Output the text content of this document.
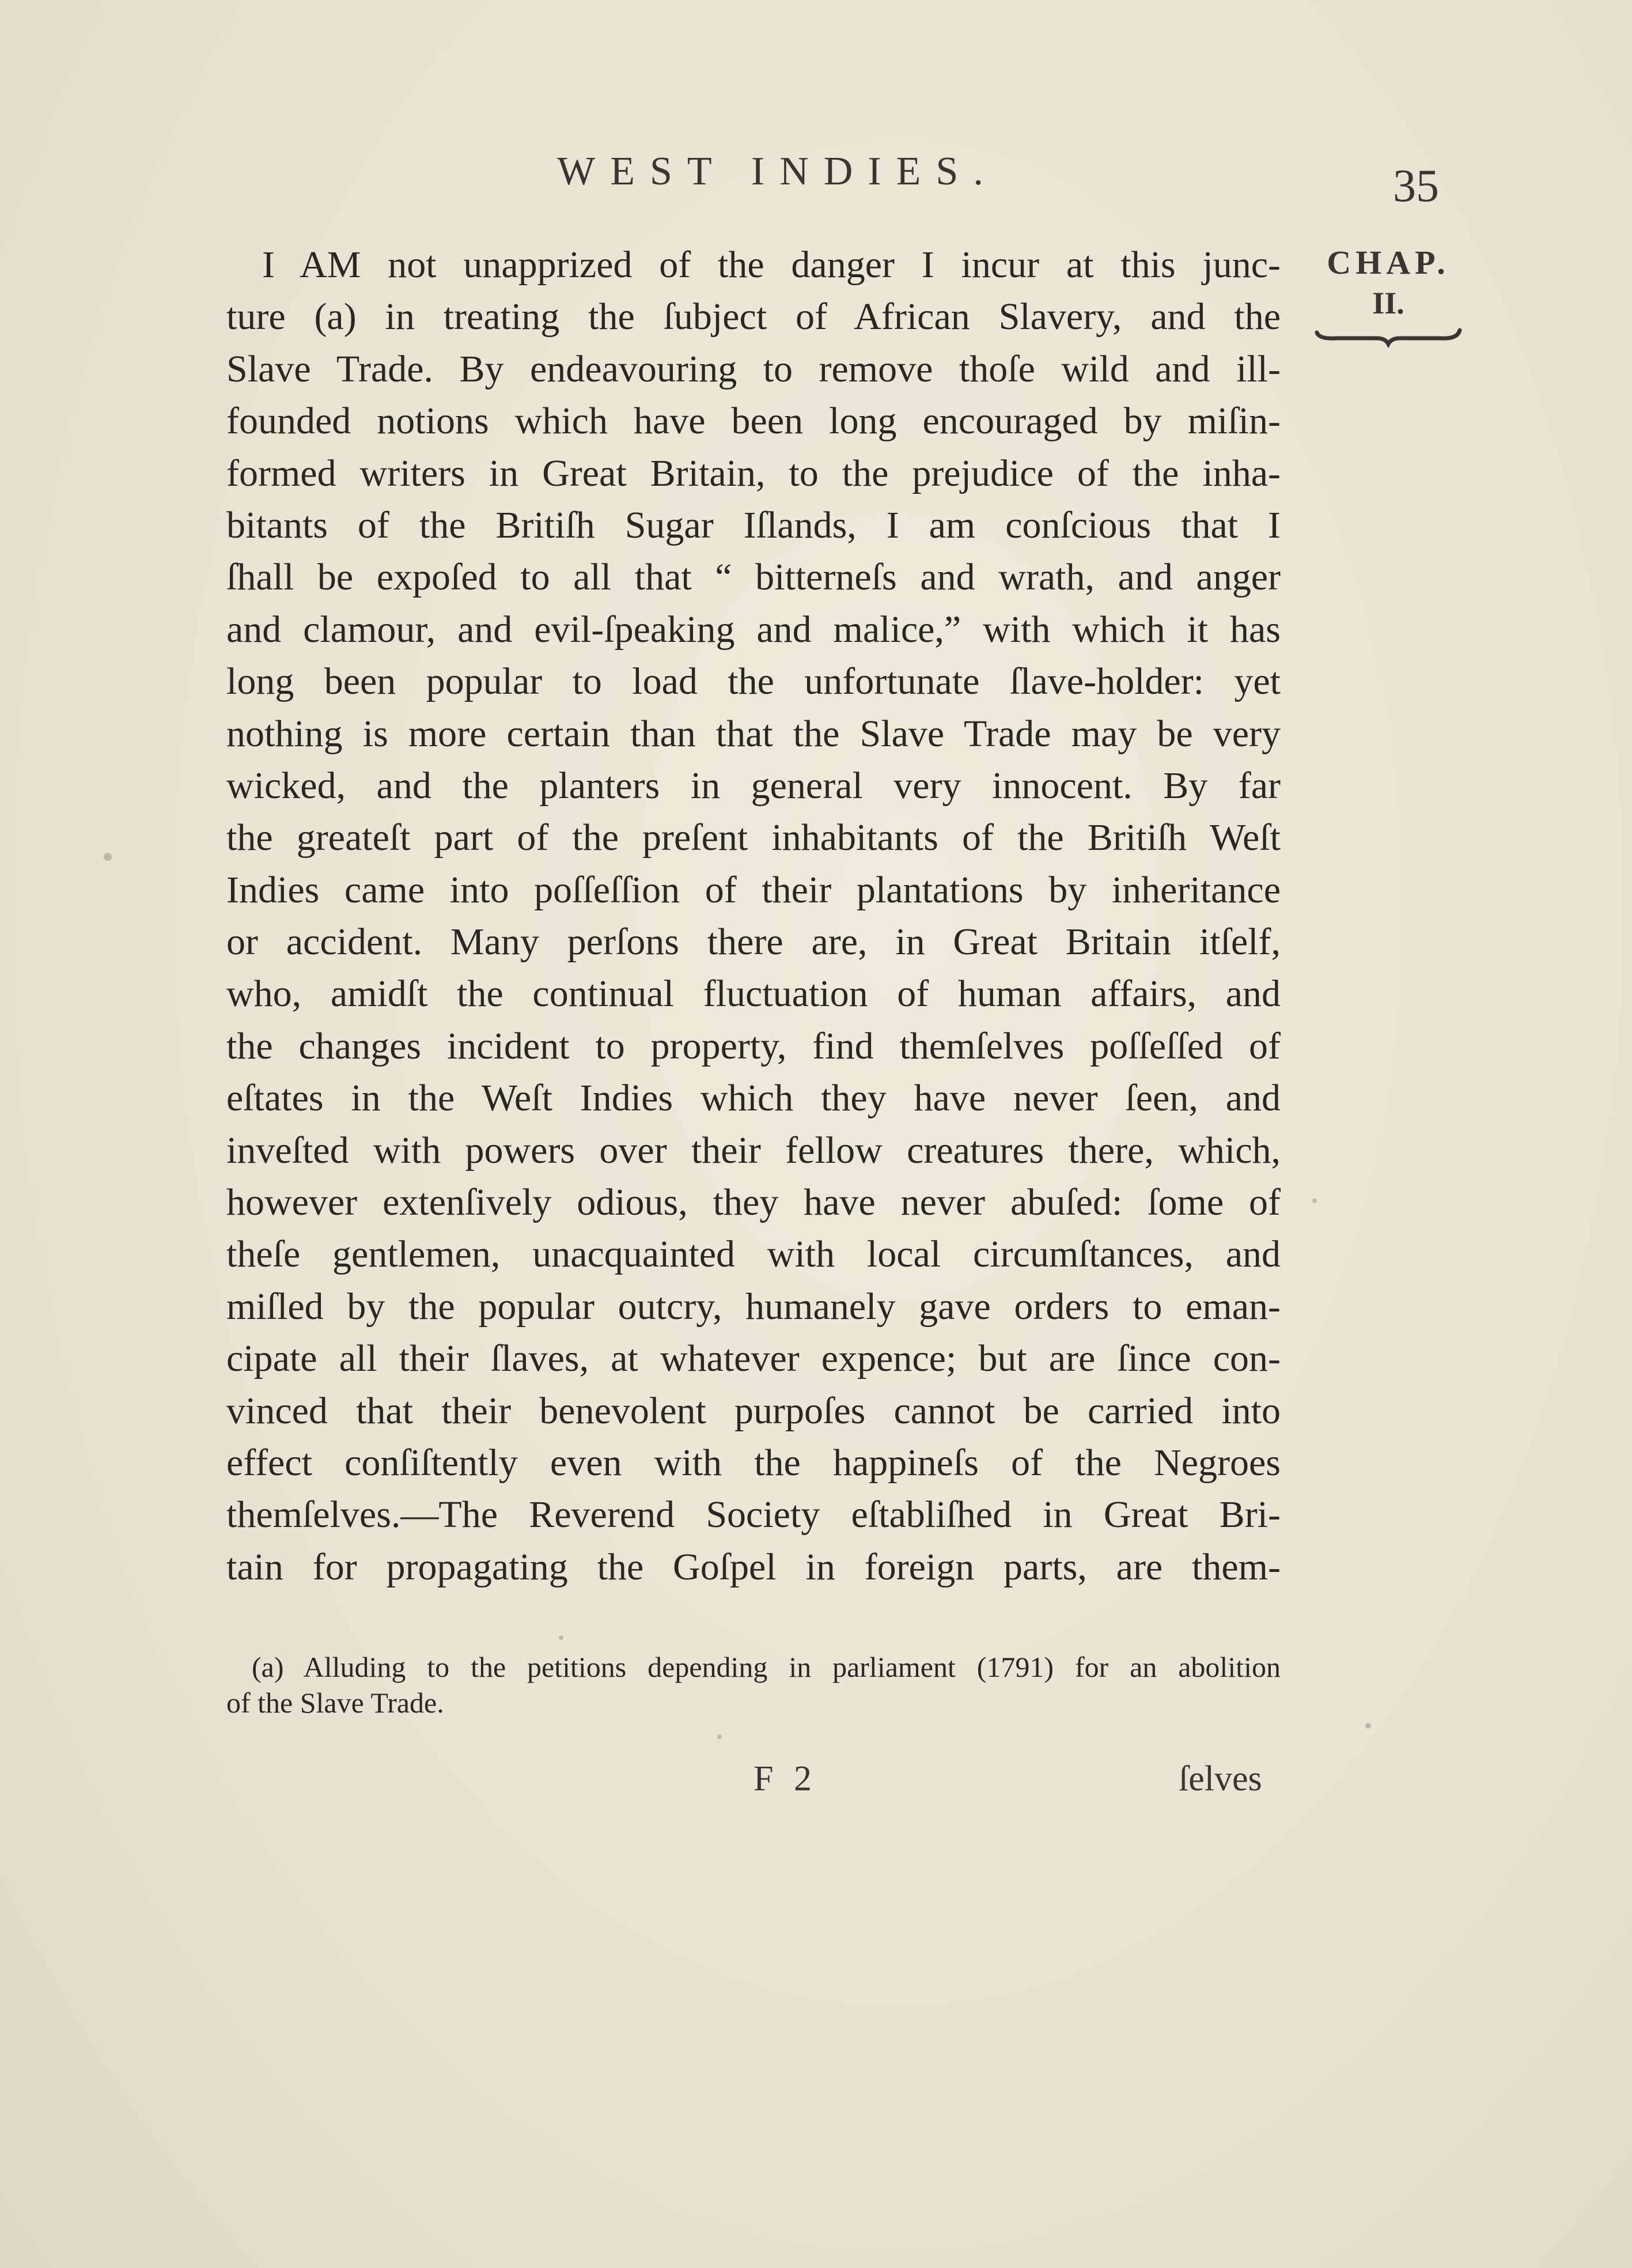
WEST INDIES.	35
CHAP.
II.
I AM not unapprized of the danger I incur at this junc-
ture (a) in treating the ſubject of African Slavery, and the
Slave Trade. By endeavouring to remove thoſe wild and ill-
founded notions which have been long encouraged by miſin-
formed writers in Great Britain, to the prejudice of the inha-
bitants of the Britiſh Sugar Iſlands, I am conſcious that I
ſhall be expoſed to all that “ bitterneſs and wrath, and anger
and clamour, and evil-ſpeaking and malice,” with which it has
long been popular to load the unfortunate ſlave-holder: yet
nothing is more certain than that the Slave Trade may be very
wicked, and the planters in general very innocent. By far
the greateſt part of the preſent inhabitants of the Britiſh Weſt
Indies came into poſſeſſion of their plantations by inheritance
or accident. Many perſons there are, in Great Britain itſelf,
who, amidſt the continual fluctuation of human affairs, and
the changes incident to property, find themſelves poſſeſſed of
eſtates in the Weſt Indies which they have never ſeen, and
inveſted with powers over their fellow creatures there, which,
however extenſively odious, they have never abuſed: ſome of
theſe gentlemen, unacquainted with local circumſtances, and
miſled by the popular outcry, humanely gave orders to eman-
cipate all their ſlaves, at whatever expence; but are ſince con-
vinced that their benevolent purpoſes cannot be carried into
effect conſiſtently even with the happineſs of the Negroes
themſelves.—The Reverend Society eſtabliſhed in Great Bri-
tain for propagating the Goſpel in foreign parts, are them-
(a) Alluding to the petitions depending in parliament (1791) for an abolition
of the Slave Trade.
F 2	ſelves
